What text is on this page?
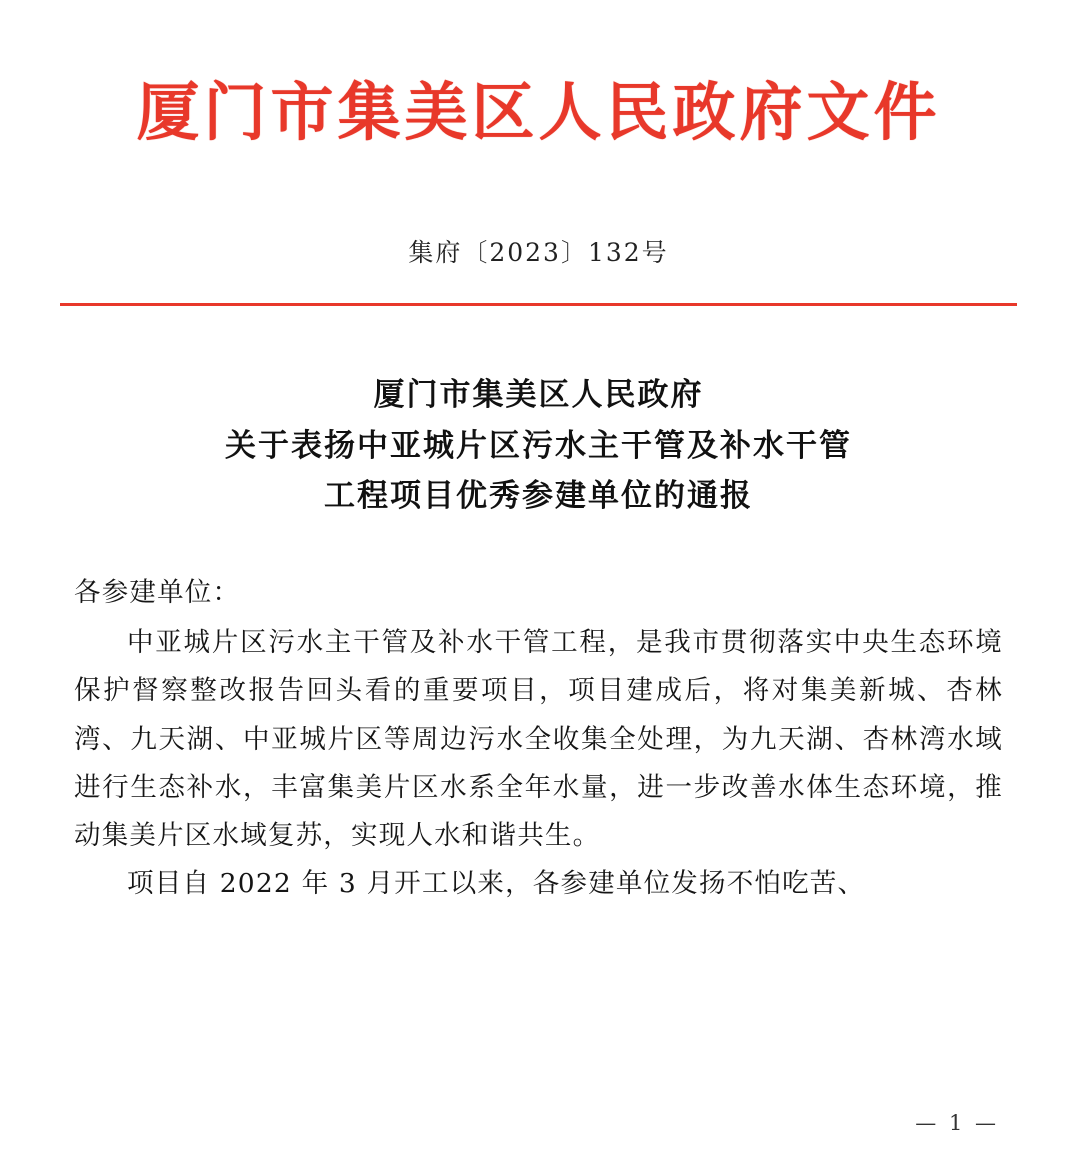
厦门市集美区人民政府文件
集府〔2023〕132号
厦门市集美区人民政府
关于表扬中亚城片区污水主干管及补水干管
工程项目优秀参建单位的通报

各参建单位：

中亚城片区污水主干管及补水干管工程，是我市贯彻落实中央生态环境保护督察整改报告回头看的重要项目，项目建成后，将对集美新城、杏林湾、九天湖、中亚城片区等周边污水全收集全处理，为九天湖、杏林湾水域进行生态补水，丰富集美片区水系全年水量，进一步改善水体生态环境，推动集美片区水域复苏，实现人水和谐共生。

项目自 2022 年 3 月开工以来，各参建单位发扬不怕吃苦、

— 1 —
